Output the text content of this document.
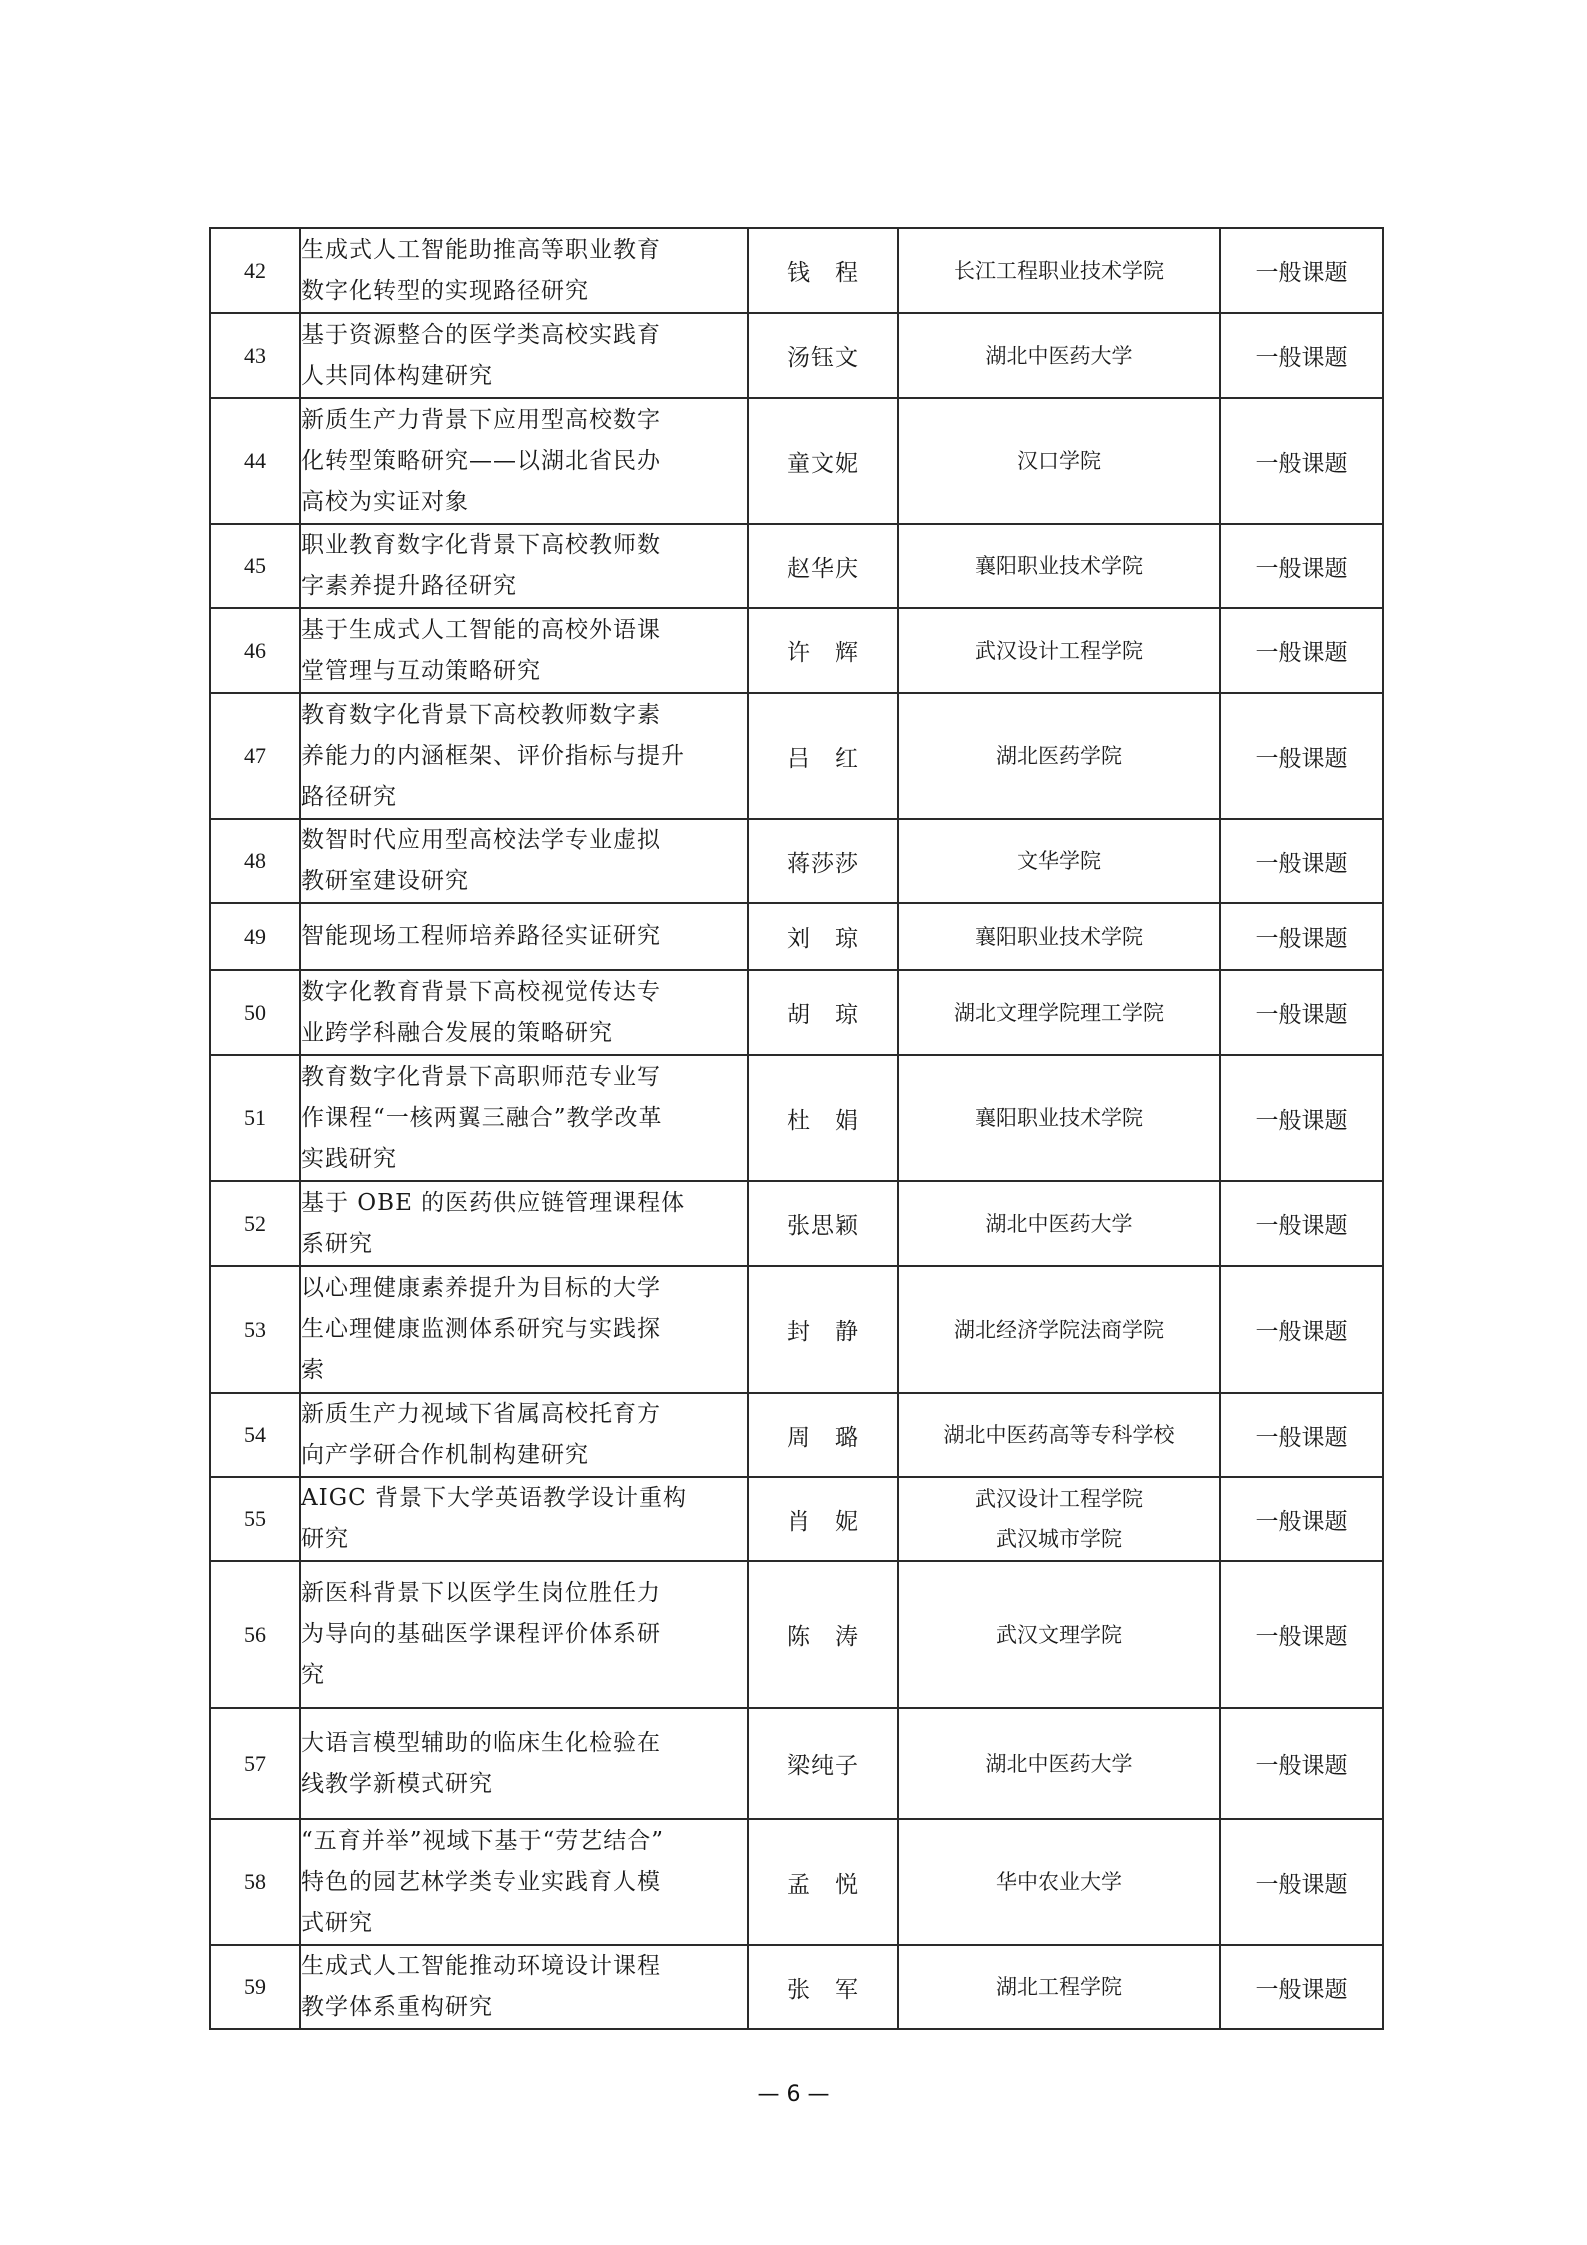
42	生成式人工智能助推高等职业教育
数字化转型的实现路径研究	钱　程	长江工程职业技术学院	一般课题
43	基于资源整合的医学类高校实践育
人共同体构建研究	汤钰文	湖北中医药大学	一般课题
44	新质生产力背景下应用型高校数字
化转型策略研究——以湖北省民办
高校为实证对象	童文妮	汉口学院	一般课题
45	职业教育数字化背景下高校教师数
字素养提升路径研究	赵华庆	襄阳职业技术学院	一般课题
46	基于生成式人工智能的高校外语课
堂管理与互动策略研究	许　辉	武汉设计工程学院	一般课题
47	教育数字化背景下高校教师数字素
养能力的内涵框架、评价指标与提升
路径研究	吕　红	湖北医药学院	一般课题
48	数智时代应用型高校法学专业虚拟
教研室建设研究	蒋莎莎	文华学院	一般课题
49	智能现场工程师培养路径实证研究	刘　琼	襄阳职业技术学院	一般课题
50	数字化教育背景下高校视觉传达专
业跨学科融合发展的策略研究	胡　琼	湖北文理学院理工学院	一般课题
51	教育数字化背景下高职师范专业写
作课程“一核两翼三融合”教学改革
实践研究	杜　娟	襄阳职业技术学院	一般课题
52	基于 OBE 的医药供应链管理课程体
系研究	张思颖	湖北中医药大学	一般课题
53	以心理健康素养提升为目标的大学
生心理健康监测体系研究与实践探
索	封　静	湖北经济学院法商学院	一般课题
54	新质生产力视域下省属高校托育方
向产学研合作机制构建研究	周　璐	湖北中医药高等专科学校	一般课题
55	AIGC 背景下大学英语教学设计重构
研究	肖　妮	武汉设计工程学院
武汉城市学院	一般课题
56	新医科背景下以医学生岗位胜任力
为导向的基础医学课程评价体系研
究	陈　涛	武汉文理学院	一般课题
57	大语言模型辅助的临床生化检验在
线教学新模式研究	梁纯子	湖北中医药大学	一般课题
58	“五育并举”视域下基于“劳艺结合”
特色的园艺林学类专业实践育人模
式研究	孟　悦	华中农业大学	一般课题
59	生成式人工智能推动环境设计课程
教学体系重构研究	张　军	湖北工程学院	一般课题
— 6 —
